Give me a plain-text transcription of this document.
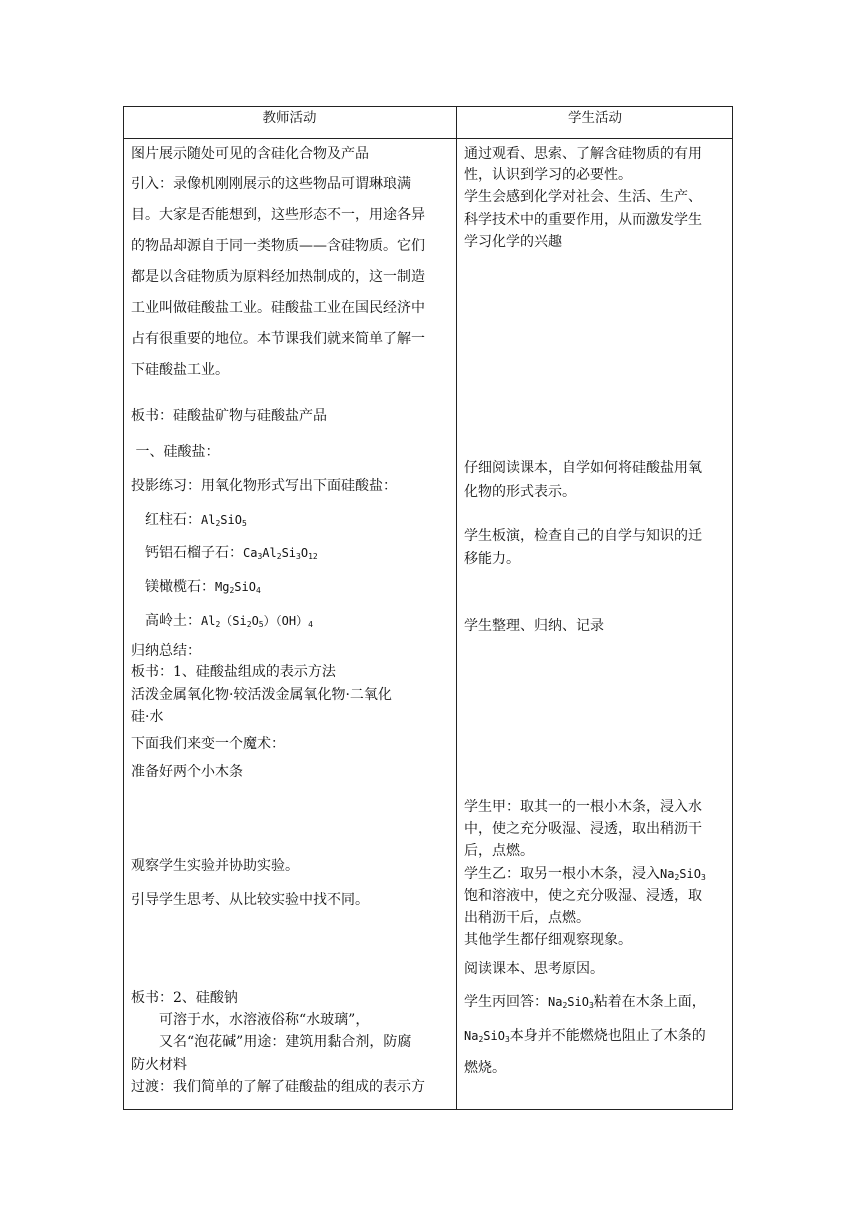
教师活动	学生活动
图片展示随处可见的含硅化合物及产品
引入：录像机刚刚展示的这些物品可谓琳琅满
目。大家是否能想到，这些形态不一，用途各异
的物品却源自于同一类物质——含硅物质。它们
都是以含硅物质为原料经加热制成的，这一制造
工业叫做硅酸盐工业。硅酸盐工业在国民经济中
占有很重要的地位。本节课我们就来简单了解一
下硅酸盐工业。
板书：硅酸盐矿物与硅酸盐产品
一、硅酸盐：
投影练习：用氧化物形式写出下面硅酸盐：
红柱石：$Al_2SiO_5$
钙铝石榴子石：$Ca_3Al_2Si_3O_{12}$
镁橄榄石：$Mg_2SiO_4$
高岭土：$Al_2(Si_2O_5)(OH)_4$
归纳总结：
板书：1、硅酸盐组成的表示方法
活泼金属氧化物·较活泼金属氧化物·二氧化
硅·水
下面我们来变一个魔术：
准备好两个小木条
观察学生实验并协助实验。
引导学生思考、从比较实验中找不同。
板书：2、硅酸钠
可溶于水，水溶液俗称“水玻璃”，
又名“泡花碱”用途：建筑用黏合剂，防腐
防火材料
过渡：我们简单的了解了硅酸盐的组成的表示方
通过观看、思索、了解含硅物质的有用
性，认识到学习的必要性。
学生会感到化学对社会、生活、生产、
科学技术中的重要作用，从而激发学生
学习化学的兴趣
仔细阅读课本，自学如何将硅酸盐用氧
化物的形式表示。
学生板演，检查自己的自学与知识的迁
移能力。
学生整理、归纳、记录
学生甲：取其一的一根小木条，浸入水
中，使之充分吸湿、浸透，取出稍沥干
后，点燃。
学生乙：取另一根小木条，浸入$Na_2SiO_3$
饱和溶液中，使之充分吸湿、浸透，取
出稍沥干后，点燃。
其他学生都仔细观察现象。
阅读课本、思考原因。
学生丙回答：$Na_2SiO_3$粘着在木条上面，
$Na_2SiO_3$本身并不能燃烧也阻止了木条的
燃烧。
